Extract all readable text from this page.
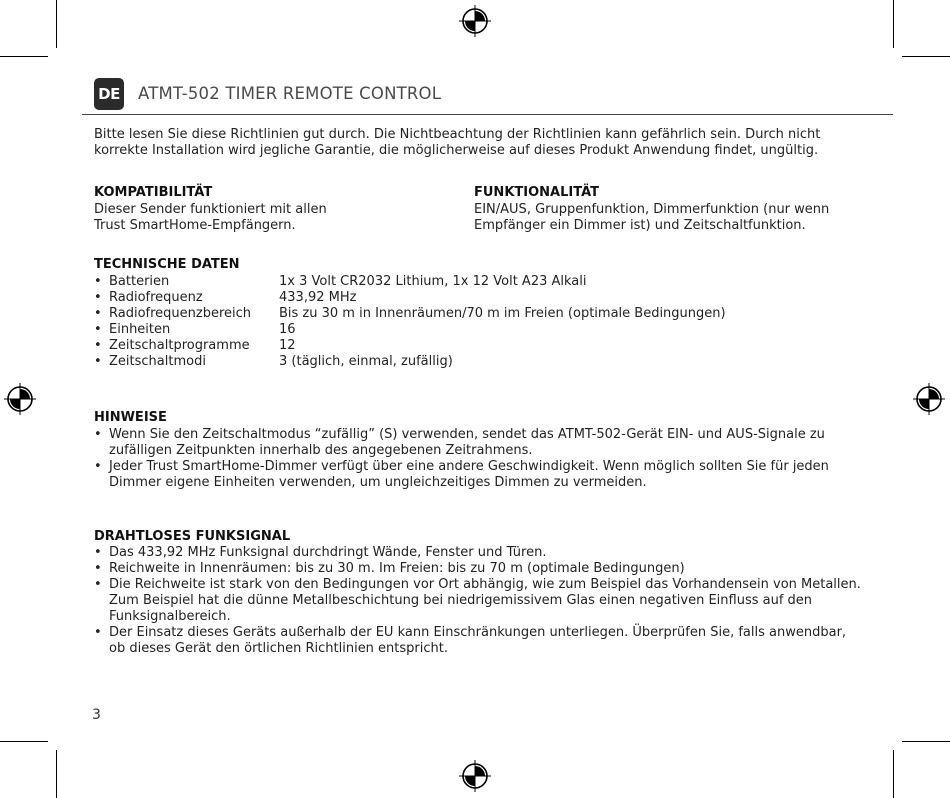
DE ATMT-502 TIMER REMOTE CONTROL
Bitte lesen Sie diese Richtlinien gut durch. Die Nichtbeachtung der Richtlinien kann gefährlich sein. Durch nicht korrekte Installation wird jegliche Garantie, die möglicherweise auf dieses Produkt Anwendung findet, ungültig.
KOMPATIBILITÄT
Dieser Sender funktioniert mit allen
Trust SmartHome-Empfängern.
FUNKTIONALITÄT
EIN/AUS, Gruppenfunktion, Dimmerfunktion (nur wenn
Empfänger ein Dimmer ist) und Zeitschaltfunktion.
TECHNISCHE DATEN
• Batterien	1x 3 Volt CR2032 Lithium, 1x 12 Volt A23 Alkali
• Radiofrequenz	433,92 MHz
• Radiofrequenzbereich Bis zu 30 m in Innenräumen/70 m im Freien (optimale Bedingungen)
• Einheiten	16
• Zeitschaltprogramme 12
• Zeitschaltmodi	3 (täglich, einmal, zufällig)
HINWEISE
• Wenn Sie den Zeitschaltmodus “zufällig” (S) verwenden, sendet das ATMT-502-Gerät EIN- und AUS-Signale zu zufälligen Zeitpunkten innerhalb des angegebenen Zeitrahmens.
• Jeder Trust SmartHome-Dimmer verfügt über eine andere Geschwindigkeit. Wenn möglich sollten Sie für jeden Dimmer eigene Einheiten verwenden, um ungleichzeitiges Dimmen zu vermeiden.
DRAHTLOSES FUNKSIGNAL
• Das 433,92 MHz Funksignal durchdringt Wände, Fenster und Türen.
• Reichweite in Innenräumen: bis zu 30 m. Im Freien: bis zu 70 m (optimale Bedingungen)
• Die Reichweite ist stark von den Bedingungen vor Ort abhängig, wie zum Beispiel das Vorhandensein von Metallen. Zum Beispiel hat die dünne Metallbeschichtung bei niedrigemissivem Glas einen negativen Einfluss auf den Funksignalbereich.
• Der Einsatz dieses Geräts außerhalb der EU kann Einschränkungen unterliegen. Überprüfen Sie, falls anwendbar, ob dieses Gerät den örtlichen Richtlinien entspricht.
3
